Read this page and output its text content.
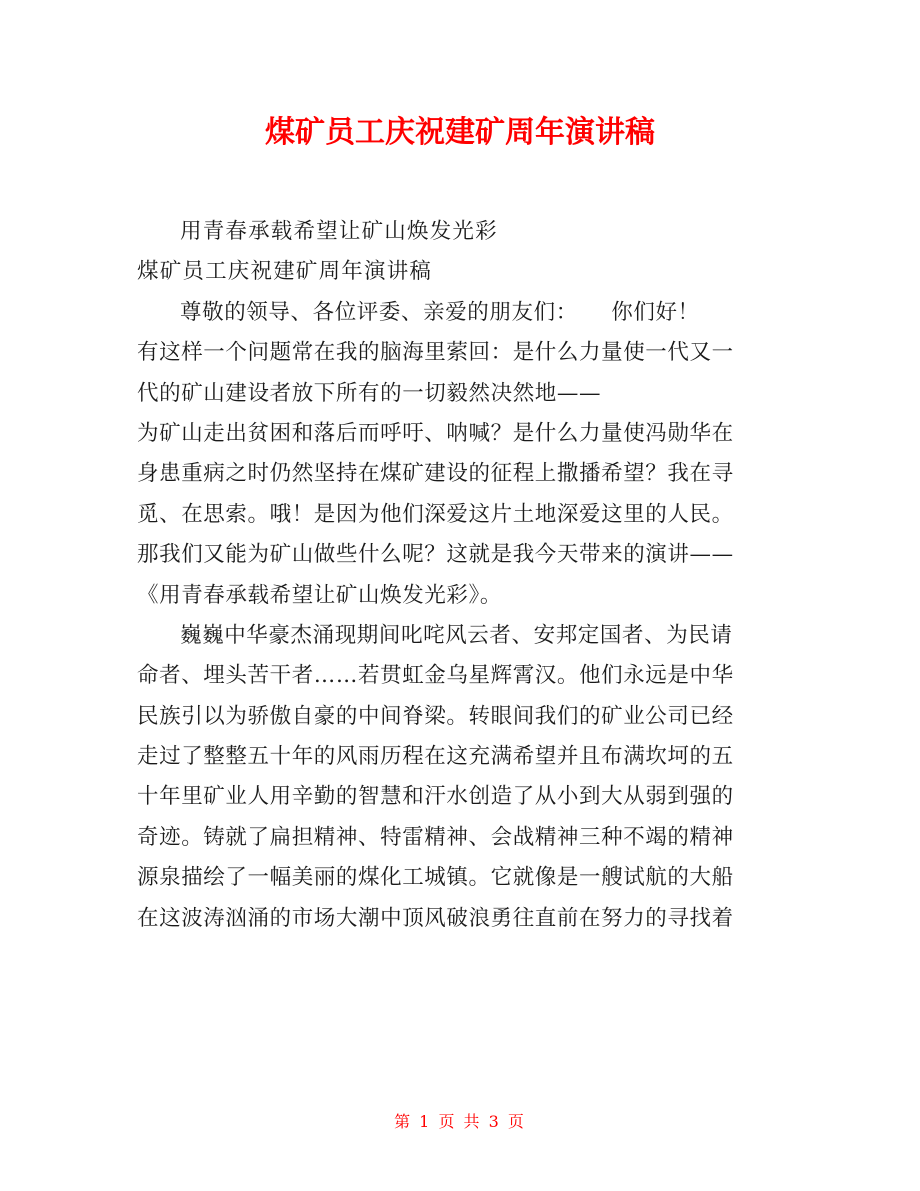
煤矿员工庆祝建矿周年演讲稿
用青春承载希望让矿山焕发光彩
煤矿员工庆祝建矿周年演讲稿
尊敬的领导、各位评委、亲爱的朋友们：　　你们好！
有这样一个问题常在我的脑海里萦回：是什么力量使一代又一
代的矿山建设者放下所有的一切毅然决然地——
为矿山走出贫困和落后而呼吁、呐喊？是什么力量使冯勋华在
身患重病之时仍然坚持在煤矿建设的征程上撒播希望？我在寻
觅、在思索。哦！是因为他们深爱这片土地深爱这里的人民。
那我们又能为矿山做些什么呢？这就是我今天带来的演讲——
《用青春承载希望让矿山焕发光彩》。
巍巍中华豪杰涌现期间叱咤风云者、安邦定国者、为民请
命者、埋头苦干者……若贯虹金乌星辉霄汉。他们永远是中华
民族引以为骄傲自豪的中间脊梁。转眼间我们的矿业公司已经
走过了整整五十年的风雨历程在这充满希望并且布满坎坷的五
十年里矿业人用辛勤的智慧和汗水创造了从小到大从弱到强的
奇迹。铸就了扁担精神、特雷精神、会战精神三种不竭的精神
源泉描绘了一幅美丽的煤化工城镇。它就像是一艘试航的大船
在这波涛汹涌的市场大潮中顶风破浪勇往直前在努力的寻找着
第 1 页 共 3 页
